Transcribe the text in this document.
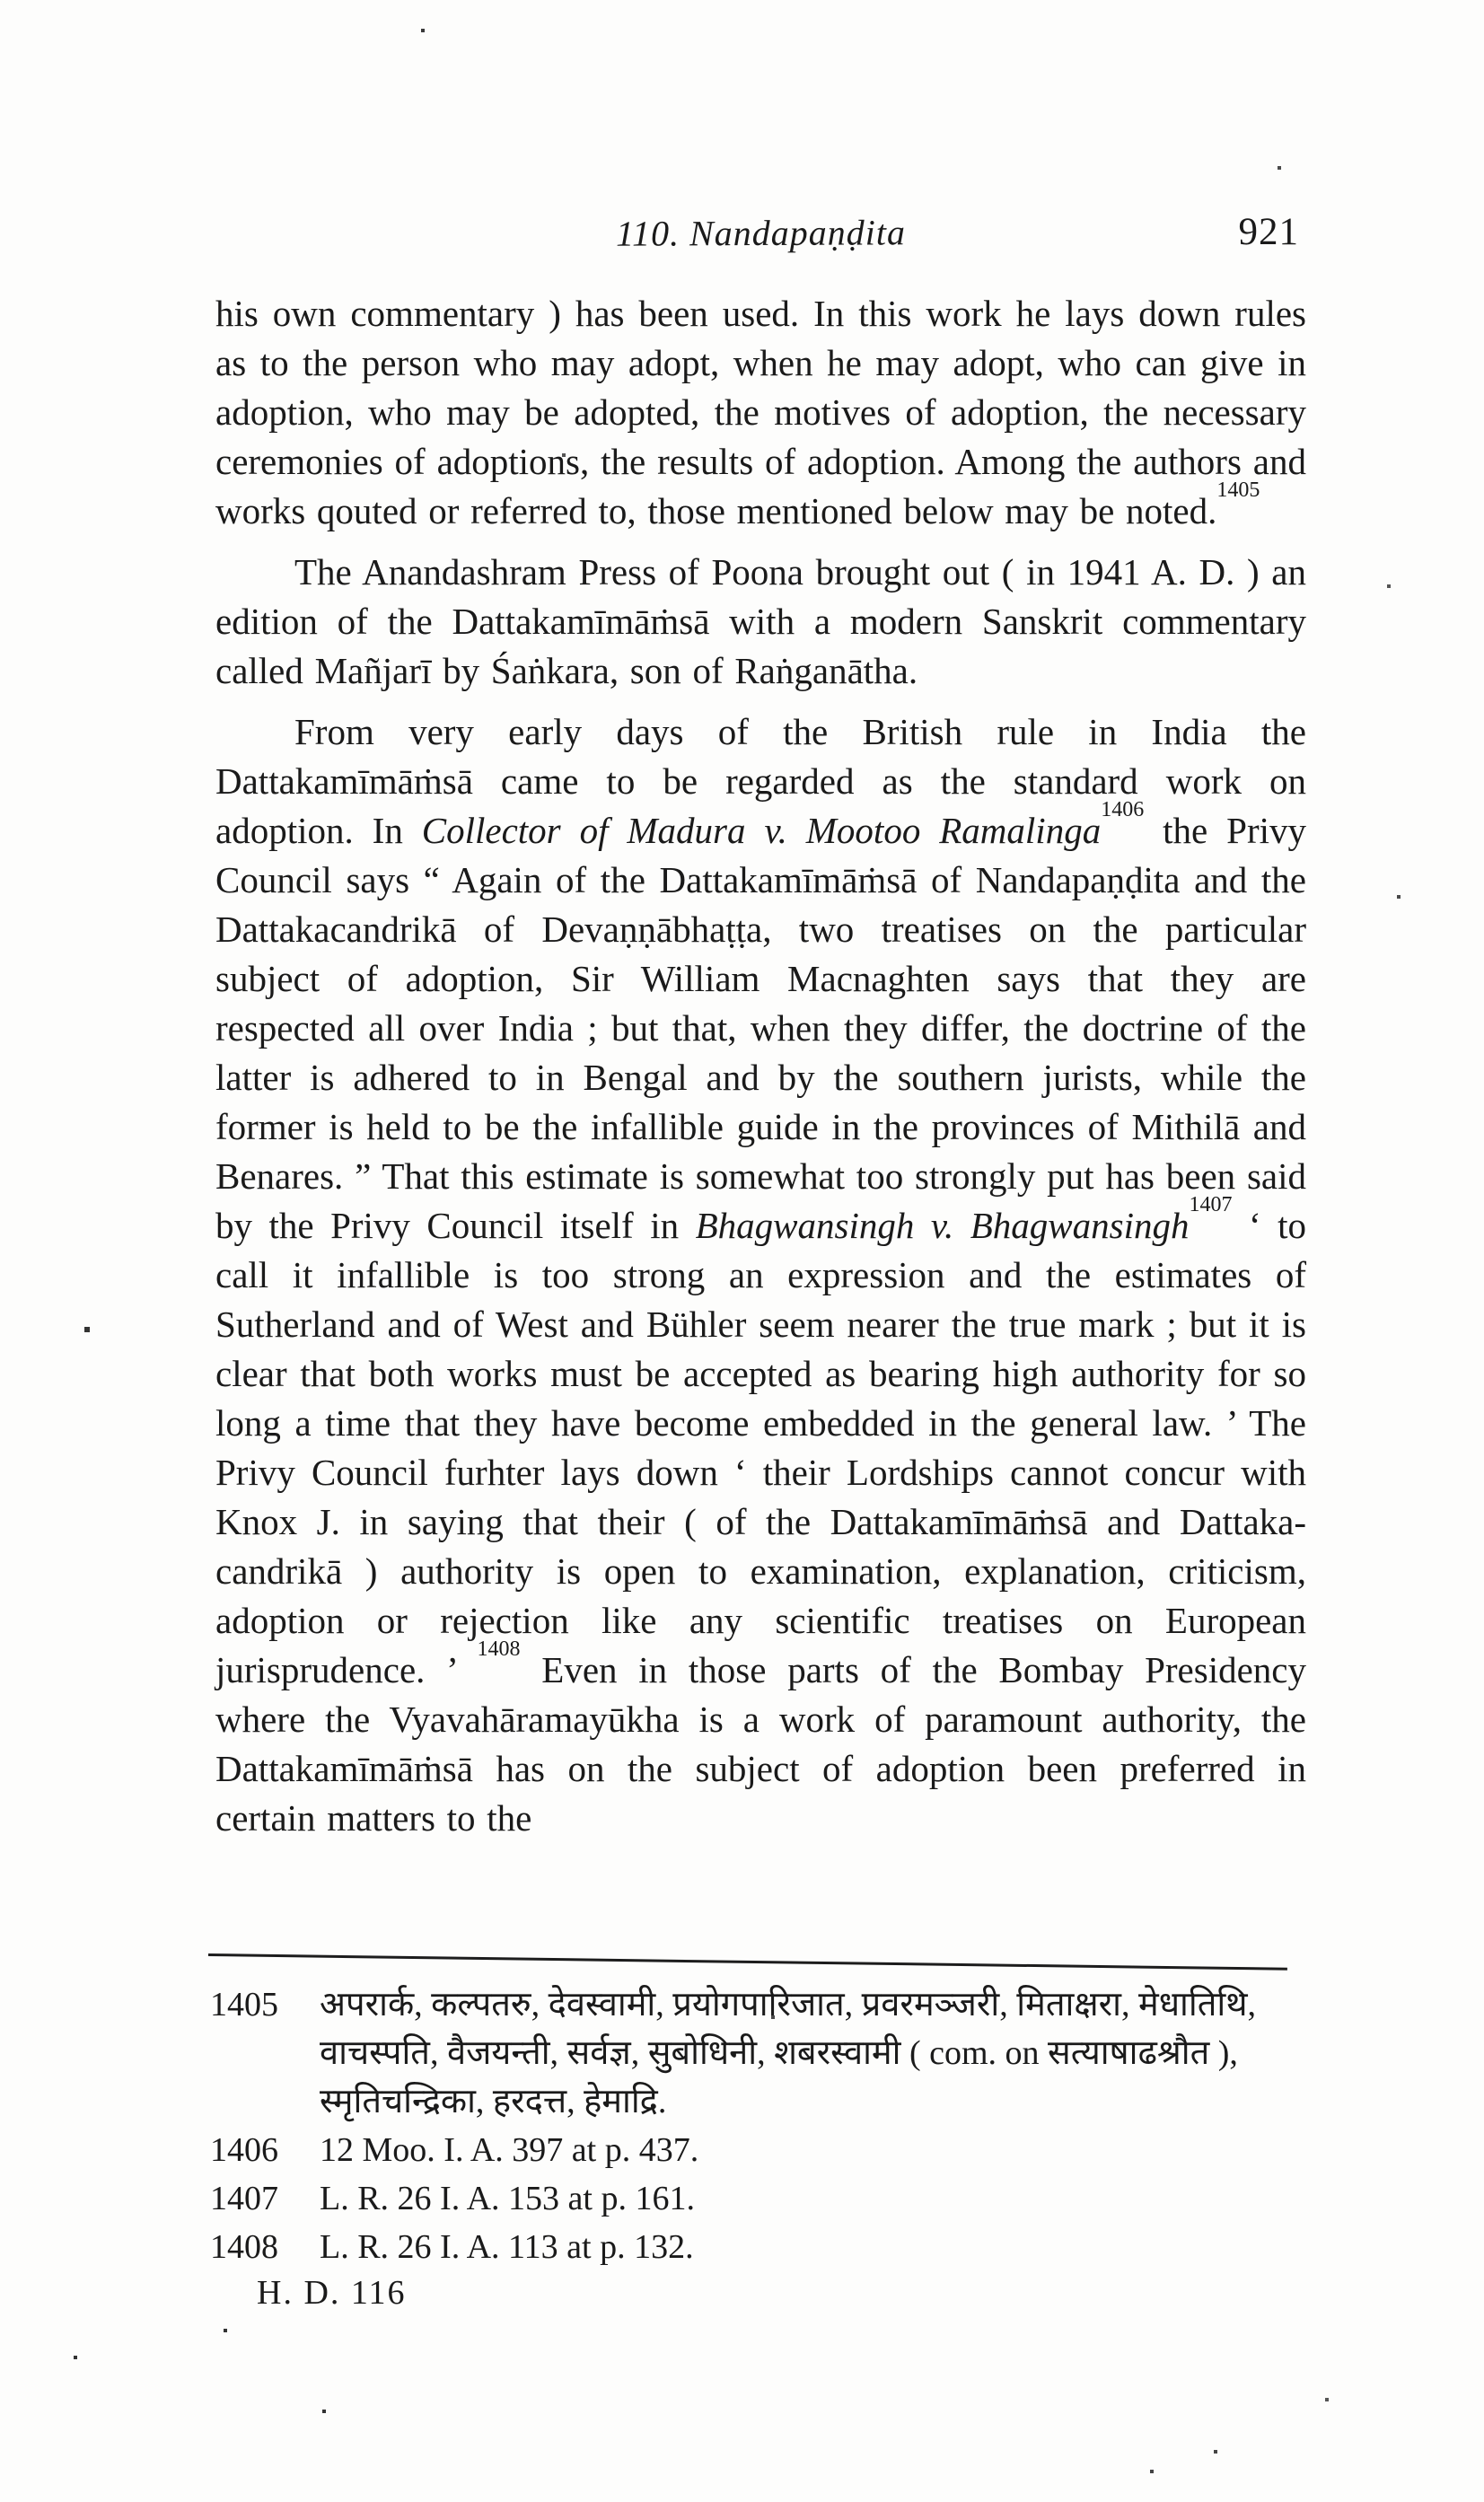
110. Nandapaṇḍita	921

his own commentary ) has been used. In this work he lays down rules as to the person who may adopt, when he may adopt, who can give in adoption, who may be adopted, the motives of adoption, the necessary ceremonies of adoptions, the results of adoption. Among the authors and works qouted or referred to, those mentioned below may be noted.$^{1405}$

The Anandashram Press of Poona brought out ( in 1941 A. D. ) an edition of the Dattakamīmāṁsā with a modern Sanskrit commentary called Mañjarī by Śaṅkara, son of Raṅganātha.

From very early days of the British rule in India the Dattakamīmāṁsā came to be regarded as the standard work on adoption. In Collector of Madura v. Mootoo Ramalinga$^{1406}$ the Privy Council says “ Again of the Dattakamīmāṁsā of Nandapaṇḍita and the Dattakacandrikā of Devaṇṇābhaṭṭa, two treatises on the particular subject of adoption, Sir William Macnaghten says that they are respected all over India ; but that, when they differ, the doctrine of the latter is adhered to in Bengal and by the southern jurists, while the former is held to be the infallible guide in the provinces of Mithilā and Benares. ” That this estimate is somewhat too strongly put has been said by the Privy Council itself in Bhagwansingh v. Bhagwansingh$^{1407}$ ‘ to call it infallible is too strong an expression and the estimates of Sutherland and of West and Bühler seem nearer the true mark ; but it is clear that both works must be accepted as bearing high authority for so long a time that they have become embedded in the general law. ’ The Privy Council furhter lays down ‘ their Lordships cannot concur with Knox J. in saying that their ( of the Dattakamīmāṁsā and Dattaka-candrikā ) authority is open to examination, explanation, criticism, adoption or rejection like any scientific treatises on European jurisprudence. ’ $^{1408}$ Even in those parts of the Bombay Presidency where the Vyavahāramayūkha is a work of paramount authority, the Dattakamīmāṁsā has on the subject of adoption been preferred in certain matters to the

1405	अपरार्क, कल्पतरु, देवस्वामी, प्रयोगपारिजात, प्रवरमञ्जरी, मिताक्षरा, मेधातिथि, वाचस्पति, वैजयन्ती, सर्वज्ञ, सुबोधिनी, शबरस्वामी ( com. on सत्याषाढश्रौत ), स्मृतिचन्द्रिका, हरदत्त, हेमाद्रि.
1406	12 Moo. I. A. 397 at p. 437.
1407	L. R. 26 I. A. 153 at p. 161.
1408	L. R. 26 I. A. 113 at p. 132.
H. D. 116
